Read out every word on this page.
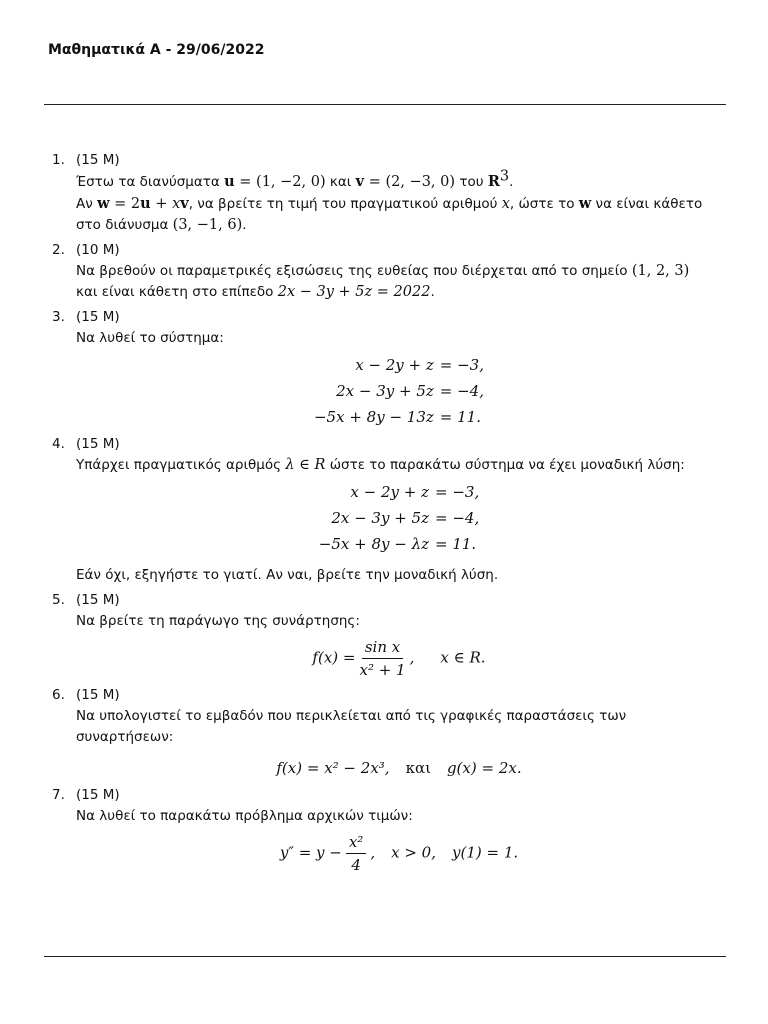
Μαθηματικά Α - 29/06/2022
1. (15 M)
Έστω τα διανύσματα u = (1, −2, 0) και v = (2, −3, 0) του $R^3$.
Αν w = 2u + xv, να βρείτε τη τιμή του πραγματικού αριθμού x, ώστε το w να είναι κάθετο
στο διάνυσμα (3, −1, 6).
2. (10 M)
Να βρεθούν οι παραμετρικές εξισώσεις της ευθείας που διέρχεται από το σημείο (1, 2, 3)
και είναι κάθετη στο επίπεδο 2x − 3y + 5z = 2022.
3. (15 M)
Να λυθεί το σύστημα:
x − 2y + z = −3,
2x − 3y + 5z = −4,
−5x + 8y − 13z = 11.
4. (15 M)
Υπάρχει πραγματικός αριθμός λ ∈ R ώστε το παρακάτω σύστημα να έχει μοναδική λύση:
x − 2y + z = −3,
2x − 3y + 5z = −4,
−5x + 8y − λz = 11.
Εάν όχι, εξηγήστε το γιατί. Αν ναι, βρείτε την μοναδική λύση.
5. (15 M)
Να βρείτε τη παράγωγο της συνάρτησης:
$f(x) = \frac{\text{sin x}}{\text{x² + 1}}$ , x ∈ R.
6. (15 M)
Να υπολογιστεί το εμβαδόν που περικλείεται από τις γραφικές παραστάσεις των
συναρτήσεων:
f(x) = x² − 2x³, και g(x) = 2x.
7. (15 M)
Να λυθεί το παρακάτω πρόβλημα αρχικών τιμών:
$y'' = y - \frac{\text{x²}}{4}$ , x > 0, y(1) = 1.
